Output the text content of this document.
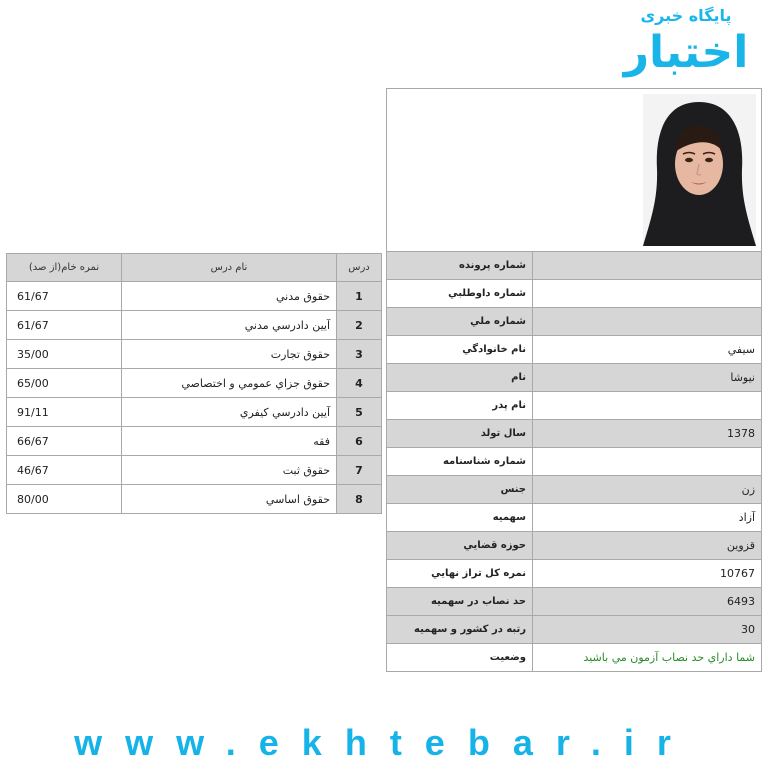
پایگاه خبری
اختبار
درس	نام درس	نمره خام(از صد)
1	حقوق مدني	61/67
2	آيين دادرسي مدني	61/67
3	حقوق تجارت	35/00
4	حقوق جزاي عمومي و اختصاصي	65/00
5	آيين دادرسي كيفري	91/11
6	فقه	66/67
7	حقوق ثبت	46/67
8	حقوق اساسي	80/00

	شماره پرونده
	شماره داوطلبي
	شماره ملي
سيفي	نام خانوادگي
نيوشا	نام
	نام پدر
1378	سال تولد
	شماره شناسنامه
زن	جنس
آزاد	سهميه
قزوين	حوزه قضايي
10767	نمره كل تراز نهايي
6493	حد نصاب در سهميه
30	رتبه در كشور و سهميه
شما داراي حد نصاب آزمون مي باشيد	وضعيت
www.ekhtebar.ir
